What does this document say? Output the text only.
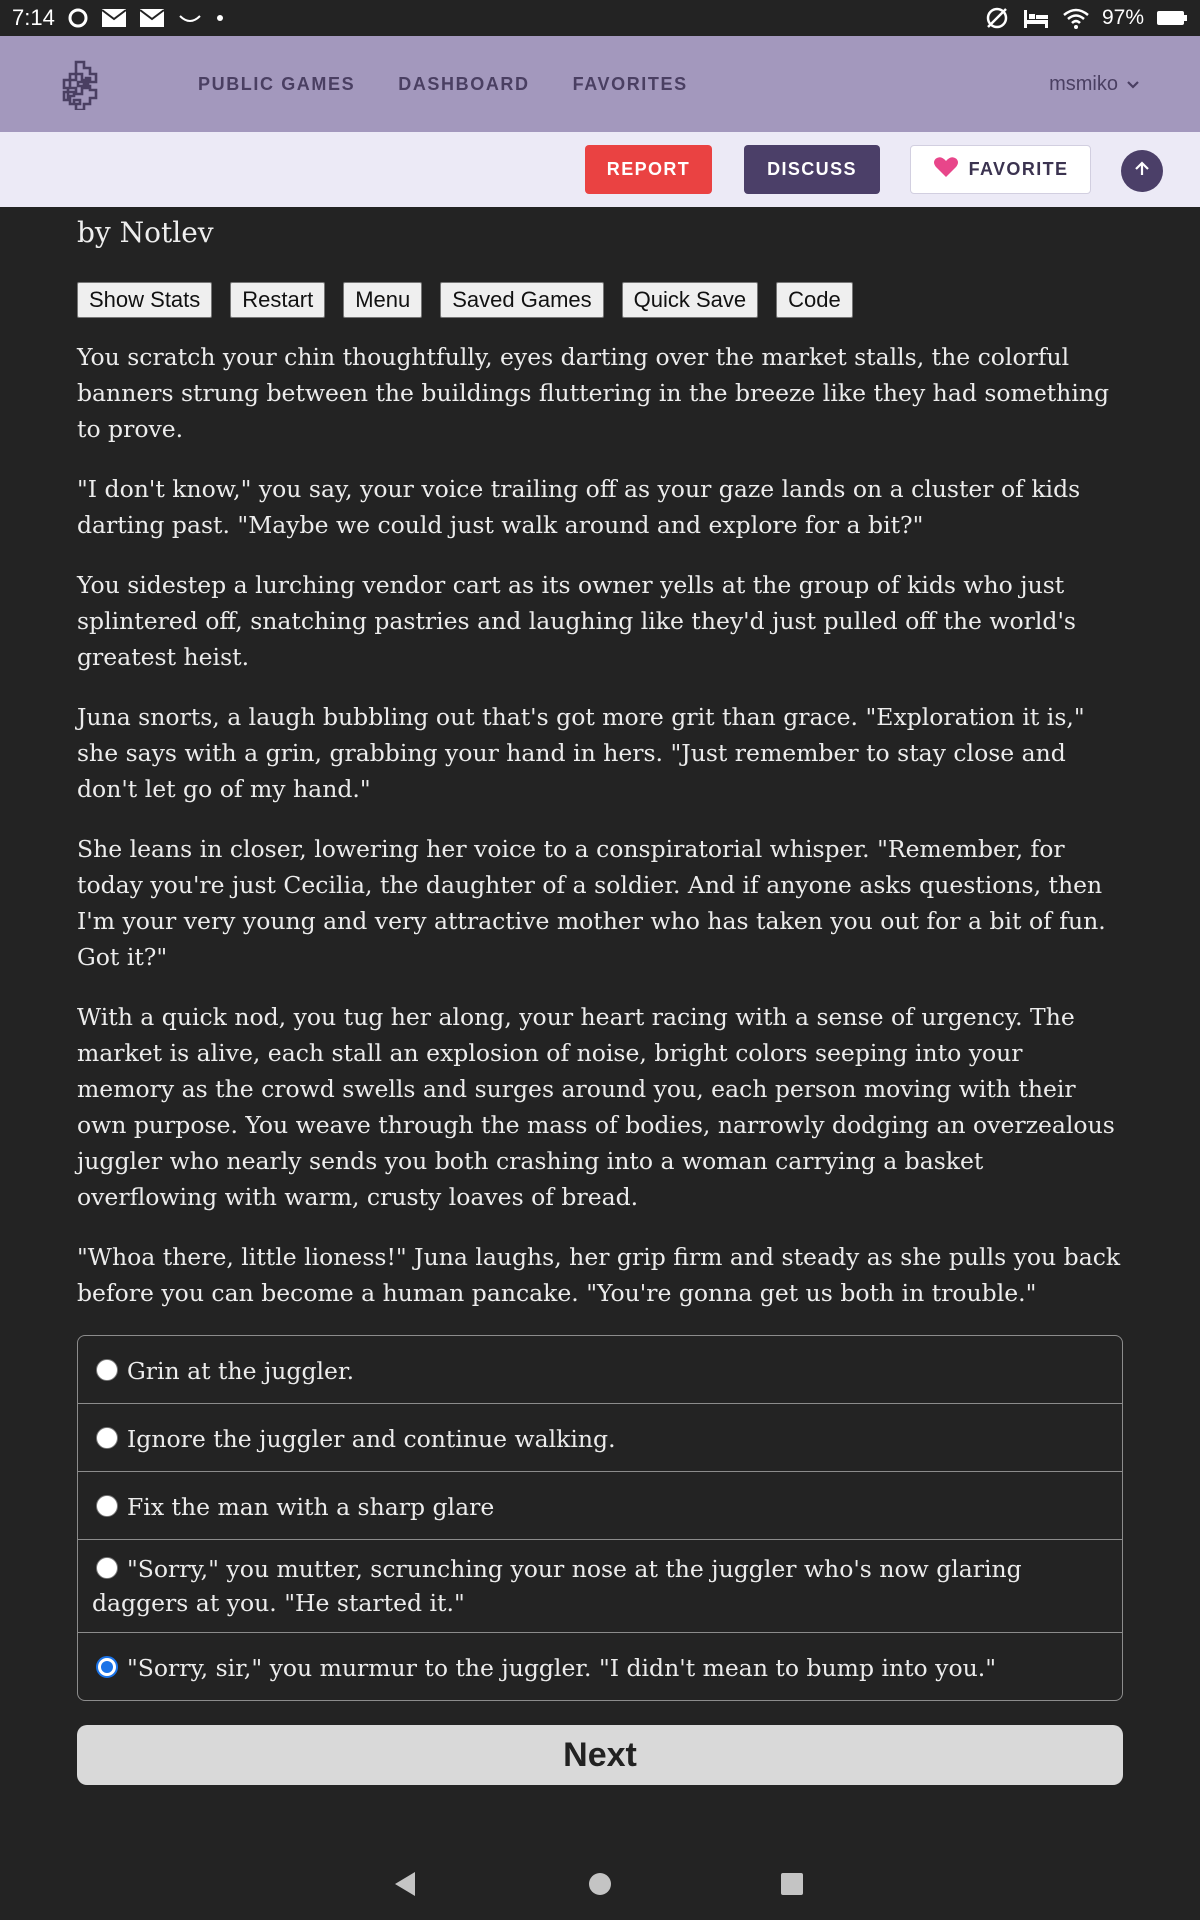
7:14	97%
PUBLIC GAMES DASHBOARD FAVORITES	msmiko
REPORT	DISCUSS	FAVORITE
by Notlev
Show Stats	Restart	Menu	Saved Games	Quick Save	Code

You scratch your chin thoughtfully, eyes darting over the market stalls, the colorful banners strung between the buildings fluttering in the breeze like they had something to prove.

"I don't know," you say, your voice trailing off as your gaze lands on a cluster of kids darting past. "Maybe we could just walk around and explore for a bit?"

You sidestep a lurching vendor cart as its owner yells at the group of kids who just splintered off, snatching pastries and laughing like they'd just pulled off the world's greatest heist.

Juna snorts, a laugh bubbling out that's got more grit than grace. "Exploration it is," she says with a grin, grabbing your hand in hers. "Just remember to stay close and don't let go of my hand."

She leans in closer, lowering her voice to a conspiratorial whisper. "Remember, for today you're just Cecilia, the daughter of a soldier. And if anyone asks questions, then I'm your very young and very attractive mother who has taken you out for a bit of fun. Got it?"

With a quick nod, you tug her along, your heart racing with a sense of urgency. The market is alive, each stall an explosion of noise, bright colors seeping into your memory as the crowd swells and surges around you, each person moving with their own purpose. You weave through the mass of bodies, narrowly dodging an overzealous juggler who nearly sends you both crashing into a woman carrying a basket overflowing with warm, crusty loaves of bread.

"Whoa there, little lioness!" Juna laughs, her grip firm and steady as she pulls you back before you can become a human pancake. "You're gonna get us both in trouble."

Grin at the juggler.
Ignore the juggler and continue walking.
Fix the man with a sharp glare
"Sorry," you mutter, scrunching your nose at the juggler who's now glaring daggers at you. "He started it."
"Sorry, sir," you murmur to the juggler. "I didn't mean to bump into you."
Next
